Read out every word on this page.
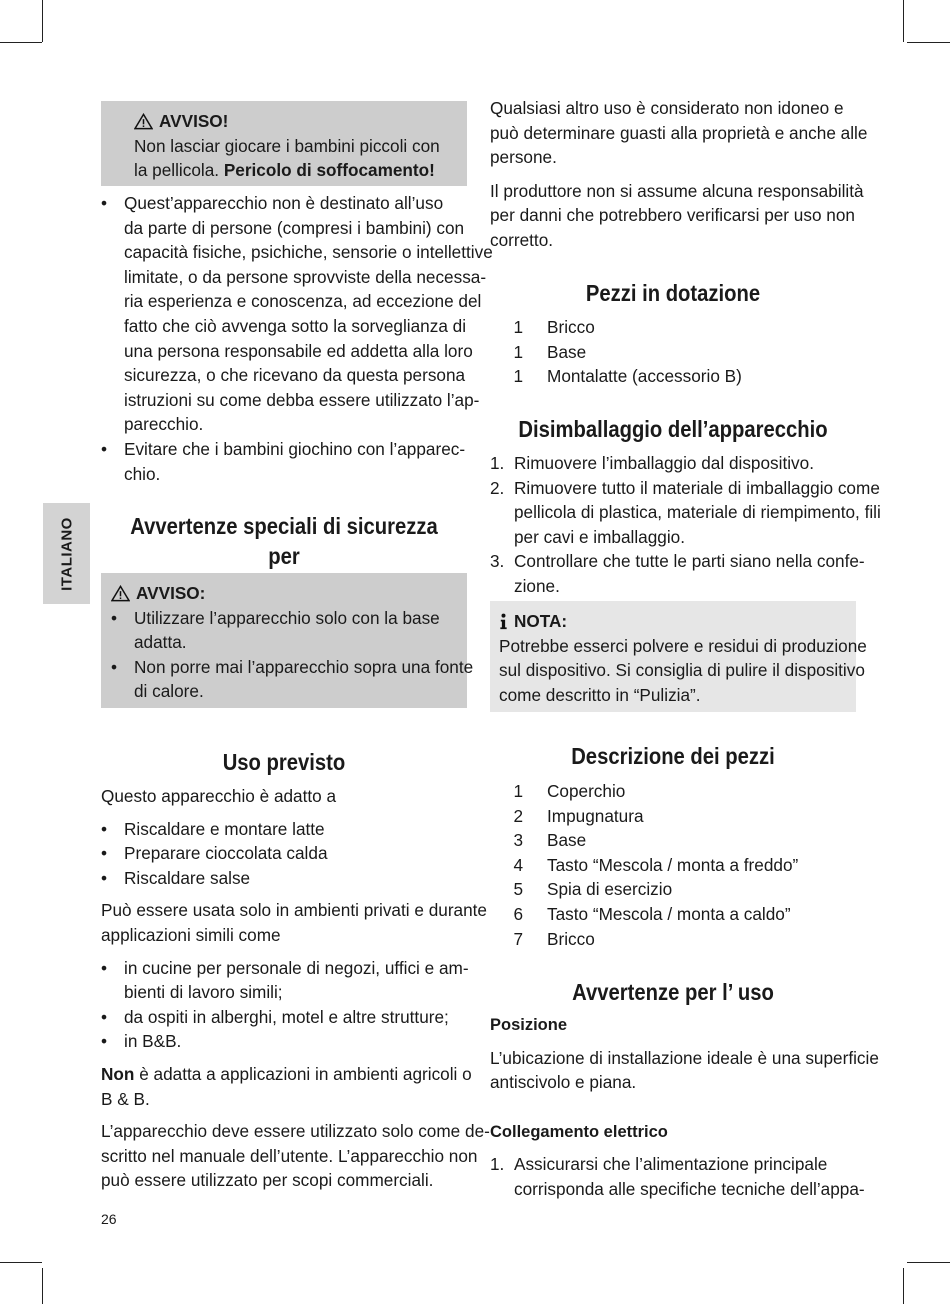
ITALIANO
AVVISO!

Non lasciar giocare i bambini piccoli con la pellicola. Pericolo di soffocamento!

• Quest’apparecchio non è destinato all’uso
da parte di persone (compresi i bambini) con
capacità fisiche, psichiche, sensorie o intellettive
limitate, o da persone sprovviste della necessa-
ria esperienza e conoscenza, ad eccezione del
fatto che ciò avvenga sotto la sorveglianza di
una persona responsabile ed addetta alla loro
sicurezza, o che ricevano da questa persona
istruzioni su come debba essere utilizzato l’ap-
parecchio.
• Evitare che i bambini giochino con l’apparec-
chio.
Avvertenze speciali di sicurezza per
AVVISO:
• Utilizzare l’apparecchio solo con la base
adatta.
• Non porre mai l’apparecchio sopra una fonte
di calore.
Uso previsto

Questo apparecchio è adatto a

• Riscaldare e montare latte
• Preparare cioccolata calda
• Riscaldare salse

Può essere usata solo in ambienti privati e durante
applicazioni simili come

• in cucine per personale di negozi, uffici e am-
bienti di lavoro simili;
• da ospiti in alberghi, motel e altre strutture;
• in B&B.

Non è adatta a applicazioni in ambienti agricoli o
B & B.

L’apparecchio deve essere utilizzato solo come de-
scritto nel manuale dell’utente. L’apparecchio non
può essere utilizzato per scopi commerciali.

26

Qualsiasi altro uso è considerato non idoneo e
può determinare guasti alla proprietà e anche alle
persone.

Il produttore non si assume alcuna responsabilità
per danni che potrebbero verificarsi per uso non
corretto.

Pezzi in dotazione
1	Bricco
1	Base
1	Montalatte (accessorio B)
Disimballaggio dell’apparecchio
1. Rimuovere l’imballaggio dal dispositivo.
2. Rimuovere tutto il materiale di imballaggio come
pellicola di plastica, materiale di riempimento, fili
per cavi e imballaggio.
3. Controllare che tutte le parti siano nella confe-
zione.
NOTA:
Potrebbe esserci polvere e residui di produzione
sul dispositivo. Si consiglia di pulire il dispositivo
come descritto in “Pulizia”.
Descrizione dei pezzi
1	Coperchio
2	Impugnatura
3	Base
4	Tasto “Mescola / monta a freddo”
5	Spia di esercizio
6	Tasto “Mescola / monta a caldo”
7	Bricco
Avvertenze per l’ uso
Posizione
L’ubicazione di installazione ideale è una superficie
antiscivolo e piana.
Collegamento elettrico
1. Assicurarsi che l’alimentazione principale
corrisponda alle specifiche tecniche dell’appa-
